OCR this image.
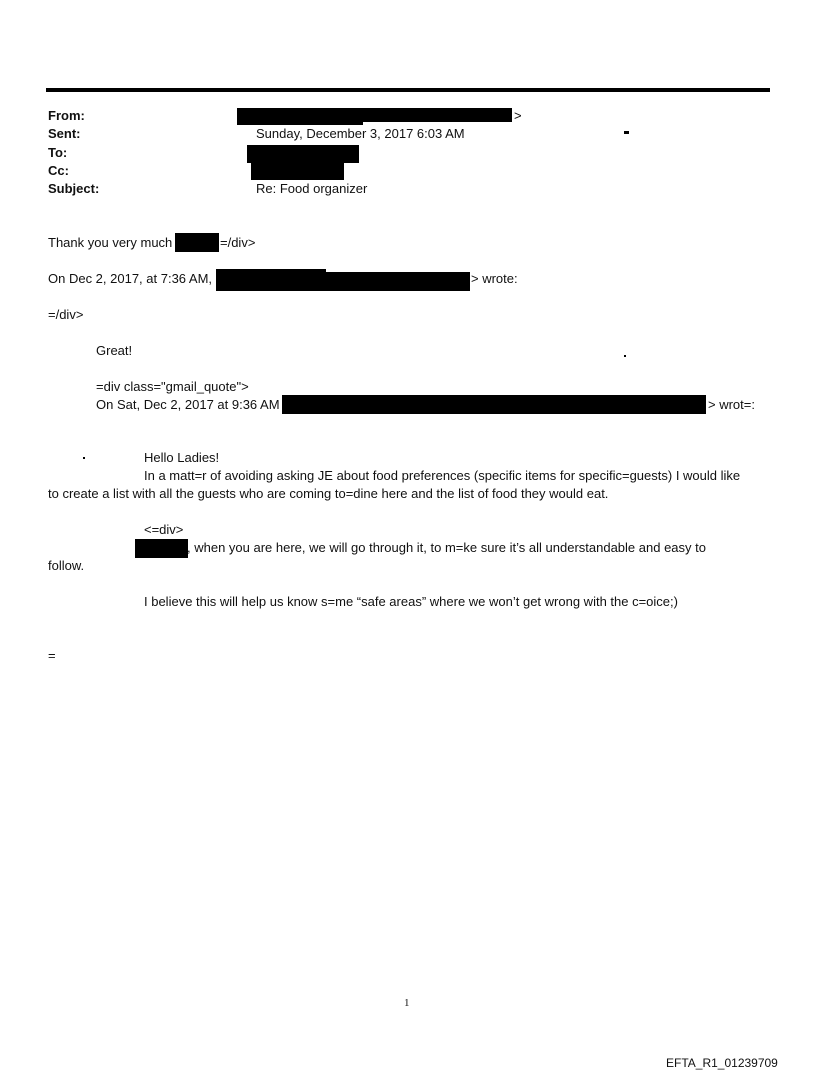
From:	>
Sent:	Sunday, December 3, 2017 6:03 AM
To:
Cc:
Subject:	Re: Food organizer
Thank you very much	=/div>
On Dec 2, 2017, at 7:36 AM,	> wrote:
=/div>
Great!
=div class="gmail_quote">
On Sat, Dec 2, 2017 at 9:36 AM	> wrot=:
Hello Ladies!
In a matt=r of avoiding asking JE about food preferences (specific items for specific=guests) I would like
to create a list with all the guests who are coming to=dine here and the list of food they would eat.
<=div>
, when you are here, we will go through it, to m=ke sure it’s all understandable and easy to
follow.
I believe this will help us know s=me “safe areas” where we won’t get wrong with the c=oice;)
=
1
EFTA_R1_01239709
